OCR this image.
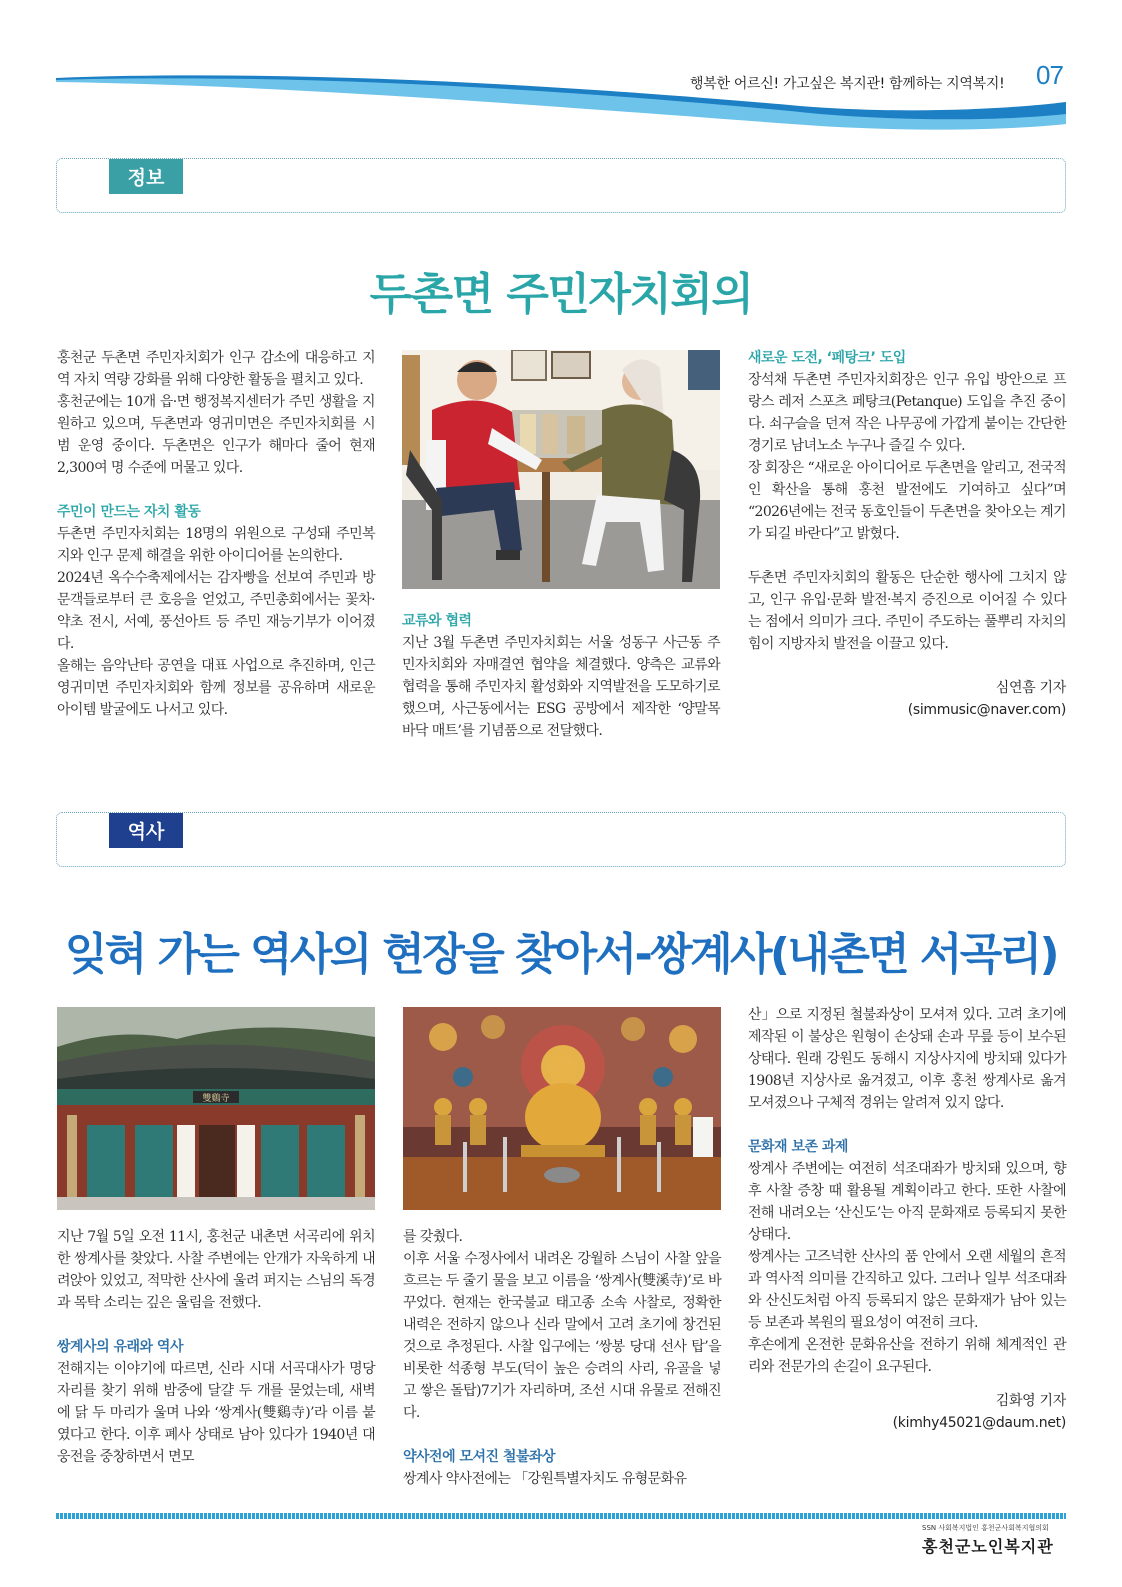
행복한 어르신! 가고싶은 복지관! 함께하는 지역복지! 07
정보
두촌면 주민자치회의

홍천군 두촌면 주민자치회가 인구 감소에 대응하고 지역 자치 역량 강화를 위해 다양한 활동을 펼치고 있다.

홍천군에는 10개 읍·면 행정복지센터가 주민 생활을 지원하고 있으며, 두촌면과 영귀미면은 주민자치회를 시범 운영 중이다. 두촌면은 인구가 해마다 줄어 현재 2,300여 명 수준에 머물고 있다.

주민이 만드는 자치 활동

두촌면 주민자치회는 18명의 위원으로 구성돼 주민복지와 인구 문제 해결을 위한 아이디어를 논의한다.

2024년 옥수수축제에서는 감자빵을 선보여 주민과 방문객들로부터 큰 호응을 얻었고, 주민총회에서는 꽃차·약초 전시, 서예, 풍선아트 등 주민 재능기부가 이어졌다.

올해는 음악난타 공연을 대표 사업으로 추진하며, 인근 영귀미면 주민자치회와 함께 정보를 공유하며 새로운 아이템 발굴에도 나서고 있다.

교류와 협력

지난 3월 두촌면 주민자치회는 서울 성동구 사근동 주민자치회와 자매결연 협약을 체결했다. 양측은 교류와 협력을 통해 주민자치 활성화와 지역발전을 도모하기로 했으며, 사근동에서는 ESG 공방에서 제작한 ‘양말목 바닥 매트’를 기념품으로 전달했다.

새로운 도전, ‘페탕크’ 도입

장석채 두촌면 주민자치회장은 인구 유입 방안으로 프랑스 레저 스포츠 페탕크(Petanque) 도입을 추진 중이다. 쇠구슬을 던져 작은 나무공에 가깝게 붙이는 간단한 경기로 남녀노소 누구나 즐길 수 있다.

장 회장은 “새로운 아이디어로 두촌면을 알리고, 전국적인 확산을 통해 홍천 발전에도 기여하고 싶다”며 “2026년에는 전국 동호인들이 두촌면을 찾아오는 계기가 되길 바란다”고 밝혔다.

두촌면 주민자치회의 활동은 단순한 행사에 그치지 않고, 인구 유입·문화 발전·복지 증진으로 이어질 수 있다는 점에서 의미가 크다. 주민이 주도하는 풀뿌리 자치의 힘이 지방자치 발전을 이끌고 있다.

심연흠 기자
(simmusic@naver.com)
역사
잊혀 가는 역사의 현장을 찾아서-쌍계사(내촌면 서곡리)
雙鷄寺

지난 7월 5일 오전 11시, 홍천군 내촌면 서곡리에 위치한 쌍계사를 찾았다. 사찰 주변에는 안개가 자욱하게 내려앉아 있었고, 적막한 산사에 울려 퍼지는 스님의 독경과 목탁 소리는 깊은 울림을 전했다.

쌍계사의 유래와 역사

전해지는 이야기에 따르면, 신라 시대 서곡대사가 명당 자리를 찾기 위해 밤중에 달걀 두 개를 묻었는데, 새벽에 닭 두 마리가 울며 나와 ‘쌍계사(雙鷄寺)’라 이름 붙였다고 한다. 이후 폐사 상태로 남아 있다가 1940년 대웅전을 중창하면서 면모

를 갖췄다.

이후 서울 수정사에서 내려온 강월하 스님이 사찰 앞을 흐르는 두 줄기 물을 보고 이름을 ‘쌍계사(雙溪寺)’로 바꾸었다. 현재는 한국불교 태고종 소속 사찰로, 정확한 내력은 전하지 않으나 신라 말에서 고려 초기에 창건된 것으로 추정된다. 사찰 입구에는 ‘쌍봉 당대 선사 탑’을 비롯한 석종형 부도(덕이 높은 승려의 사리, 유골을 넣고 쌓은 돌탑)7기가 자리하며, 조선 시대 유물로 전해진다.

약사전에 모셔진 철불좌상

쌍계사 약사전에는 「강원특별자치도 유형문화유

산」으로 지정된 철불좌상이 모셔져 있다. 고려 초기에 제작된 이 불상은 원형이 손상돼 손과 무릎 등이 보수된 상태다. 원래 강원도 동해시 지상사지에 방치돼 있다가 1908년 지상사로 옮겨졌고, 이후 홍천 쌍계사로 옮겨 모셔졌으나 구체적 경위는 알려져 있지 않다.

문화재 보존 과제

쌍계사 주변에는 여전히 석조대좌가 방치돼 있으며, 향후 사찰 증창 때 활용될 계획이라고 한다. 또한 사찰에 전해 내려오는 ‘산신도’는 아직 문화재로 등록되지 못한 상태다.

쌍계사는 고즈넉한 산사의 품 안에서 오랜 세월의 흔적과 역사적 의미를 간직하고 있다. 그러나 일부 석조대좌와 산신도처럼 아직 등록되지 않은 문화재가 남아 있는 등 보존과 복원의 필요성이 여전히 크다.

후손에게 온전한 문화유산을 전하기 위해 체계적인 관리와 전문가의 손길이 요구된다.

김화영 기자
(kimhy45021@daum.net)
SSN 사회복지법인 홍천군사회복지협의회
홍천군노인복지관
